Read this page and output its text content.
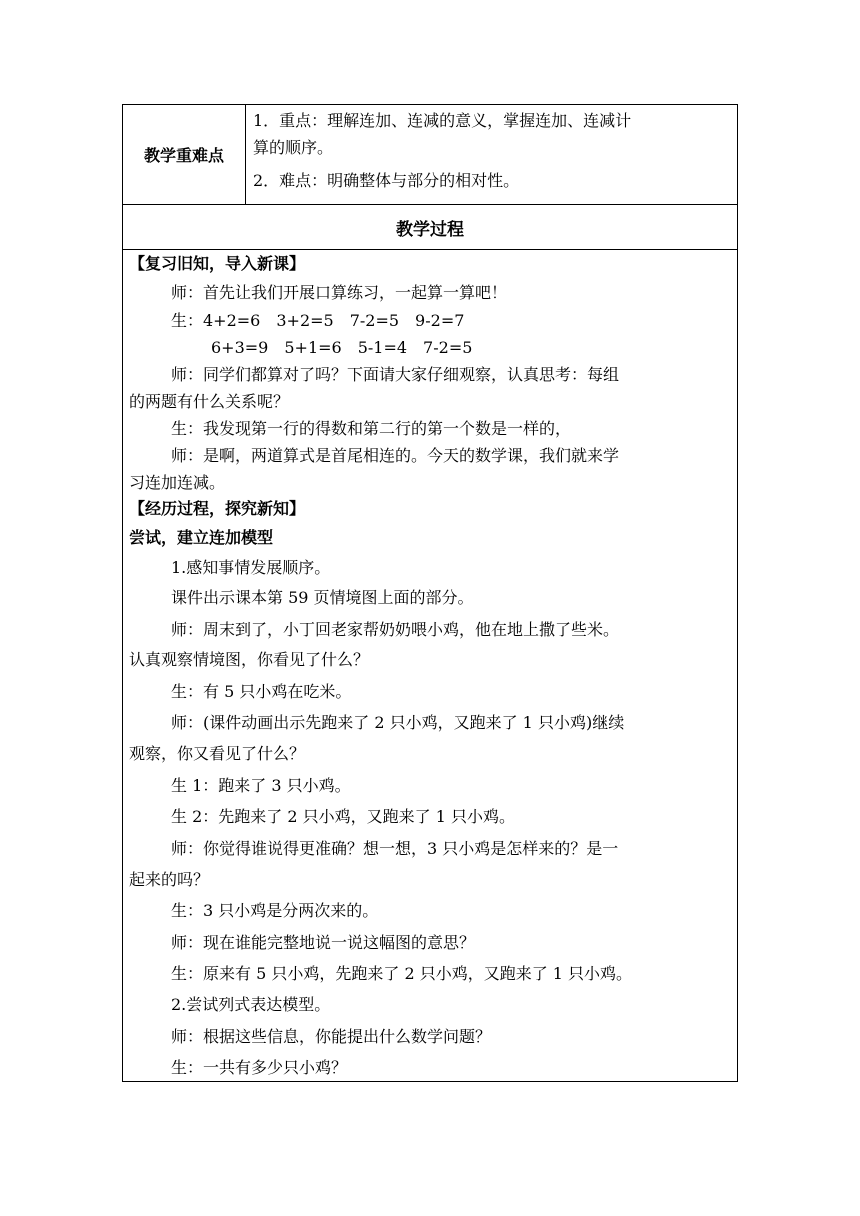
教学重难点

1．重点：理解连加、连减的意义，掌握连加、连减计

算的顺序。

2．难点：明确整体与部分的相对性。

教学过程
【复习旧知，导入新课】
师：首先让我们开展口算练习，一起算一算吧！
生：4+2=6　3+2=5　7-2=5　9-2=7
6+3=9　5+1=6　5-1=4　7-2=5
师：同学们都算对了吗？下面请大家仔细观察，认真思考：每组
的两题有什么关系呢？
生：我发现第一行的得数和第二行的第一个数是一样的，
师：是啊，两道算式是首尾相连的。今天的数学课，我们就来学
习连加连减。
【经历过程，探究新知】
尝试，建立连加模型
1.感知事情发展顺序。
课件出示课本第 59 页情境图上面的部分。
师：周末到了，小丁回老家帮奶奶喂小鸡，他在地上撒了些米。
认真观察情境图，你看见了什么？
生：有 5 只小鸡在吃米。
师：(课件动画出示先跑来了 2 只小鸡，又跑来了 1 只小鸡)继续
观察，你又看见了什么？
生 1：跑来了 3 只小鸡。
生 2：先跑来了 2 只小鸡，又跑来了 1 只小鸡。
师：你觉得谁说得更准确？想一想，3 只小鸡是怎样来的？是一
起来的吗？
生：3 只小鸡是分两次来的。
师：现在谁能完整地说一说这幅图的意思？
生：原来有 5 只小鸡，先跑来了 2 只小鸡，又跑来了 1 只小鸡。
2.尝试列式表达模型。
师：根据这些信息，你能提出什么数学问题？
生：一共有多少只小鸡？
